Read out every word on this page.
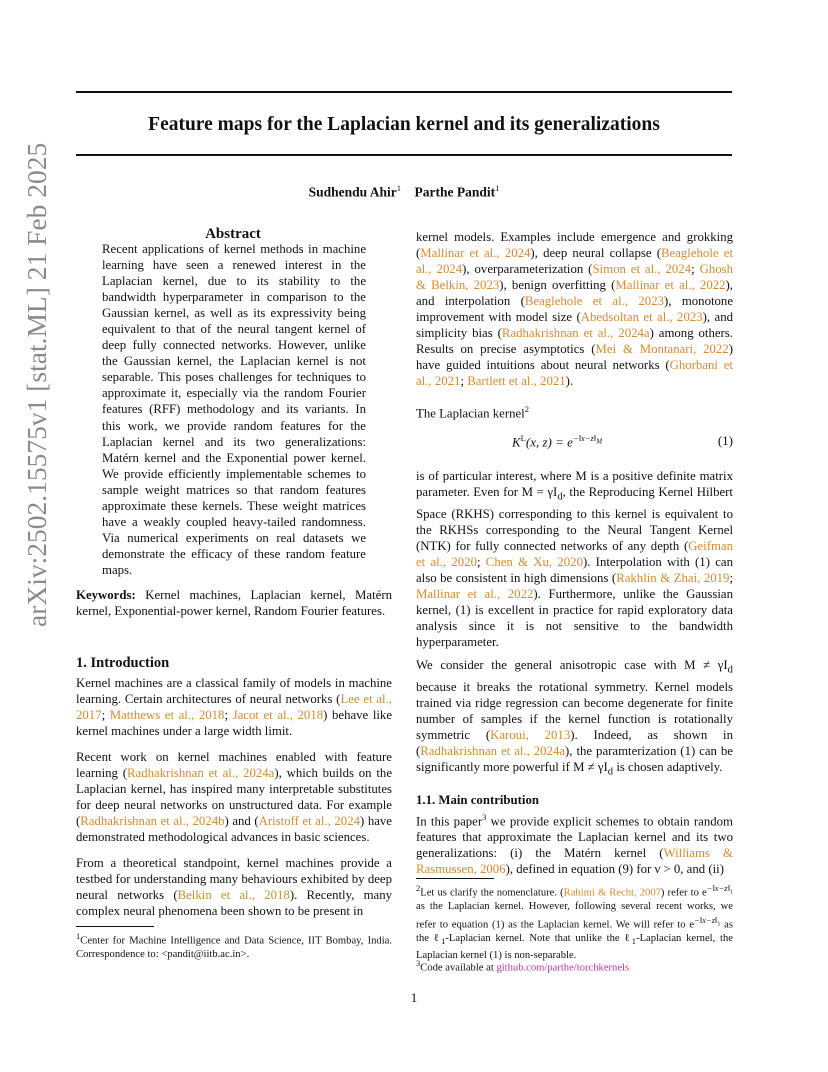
arXiv:2502.15575v1 [stat.ML] 21 Feb 2025
Feature maps for the Laplacian kernel and its generalizations
Sudhendu Ahir$^1$ Parthe Pandit$^1$
Abstract
Recent applications of kernel methods in machine learning have seen a renewed interest in the Laplacian kernel, due to its stability to the bandwidth hyperparameter in comparison to the Gaussian kernel, as well as its expressivity being equivalent to that of the neural tangent kernel of deep fully connected networks. However, unlike the Gaussian kernel, the Laplacian kernel is not separable. This poses challenges for techniques to approximate it, especially via the random Fourier features (RFF) methodology and its variants. In this work, we provide random features for the Laplacian kernel and its two generalizations: Matérn kernel and the Exponential power kernel. We provide efficiently implementable schemes to sample weight matrices so that random features approximate these kernels. These weight matrices have a weakly coupled heavy-tailed randomness. Via numerical experiments on real datasets we demonstrate the efficacy of these random feature maps.

Keywords: Kernel machines, Laplacian kernel, Matérn kernel, Exponential-power kernel, Random Fourier features.

1. Introduction

Kernel machines are a classical family of models in machine learning. Certain architectures of neural networks (Lee et al., 2017; Matthews et al., 2018; Jacot et al., 2018) behave like kernel machines under a large width limit.

Recent work on kernel machines enabled with feature learning (Radhakrishnan et al., 2024a), which builds on the Laplacian kernel, has inspired many interpretable substitutes for deep neural networks on unstructured data. For example (Radhakrishnan et al., 2024b) and (Aristoff et al., 2024) have demonstrated methodological advances in basic sciences.

From a theoretical standpoint, kernel machines provide a testbed for understanding many behaviours exhibited by deep neural networks (Belkin et al., 2018). Recently, many complex neural phenomena been shown to be present in

$^1$Center for Machine Intelligence and Data Science, IIT Bombay, India. Correspondence to: <pandit@iitb.ac.in>.

kernel models. Examples include emergence and grokking (Mallinar et al., 2024), deep neural collapse (Beaglehole et al., 2024), overparameterization (Simon et al., 2024; Ghosh & Belkin, 2023), benign overfitting (Mallinar et al., 2022), and interpolation (Beaglehole et al., 2023), monotone improvement with model size (Abedsoltan et al., 2023), and simplicity bias (Radhakrishnan et al., 2024a) among others. Results on precise asymptotics (Mei & Montanari, 2022) have guided intuitions about neural networks (Ghorbani et al., 2021; Bartlett et al., 2021).

The Laplacian kernel$^2$

$K^L(x$, $z) = e^{-‖x-z‖_M}$	(1)

is of particular interest, where M is a positive definite matrix parameter. Even for $M = \gamma I_d$, the Reproducing Kernel Hilbert Space (RKHS) corresponding to this kernel is equivalent to the RKHSs corresponding to the Neural Tangent Kernel (NTK) for fully connected networks of any depth (Geifman et al., 2020; Chen & Xu, 2020). Interpolation with (1) can also be consistent in high dimensions (Rakhlin & Zhai, 2019; Mallinar et al., 2022). Furthermore, unlike the Gaussian kernel, (1) is excellent in practice for rapid exploratory data analysis since it is not sensitive to the bandwidth hyperparameter.

We consider the general anisotropic case with $M \ne \gamma I_d$ because it breaks the rotational symmetry. Kernel models trained via ridge regression can become degenerate for finite number of samples if the kernel function is rotationally symmetric (Karoui, 2013). Indeed, as shown in (Radhakrishnan et al., 2024a), the paramterization (1) can be significantly more powerful if $M \ne \gamma I_d$ is chosen adaptively.

1.1. Main contribution

In this paper$^3$ we provide explicit schemes to obtain random features that approximate the Laplacian kernel and its two generalizations: (i) the Matérn kernel (Williams & Rasmussen, 2006), defined in equation (9) for ν > 0, and (ii)

$^2$Let us clarify the nomenclature. (Rahimi & Recht, 2007) refer to $e^{-‖x-z‖_1}$ as the Laplacian kernel. However, following several recent works, we refer to equation (1) as the Laplacian kernel. We will refer to $e^{-‖x-z‖_1}$ as the ℓ$_1$-Laplacian kernel. Note that unlike the ℓ$_1$-Laplacian kernel, the Laplacian kernel (1) is non-separable.
$^3$Code available at github.com/parthe/torchkernels
1
